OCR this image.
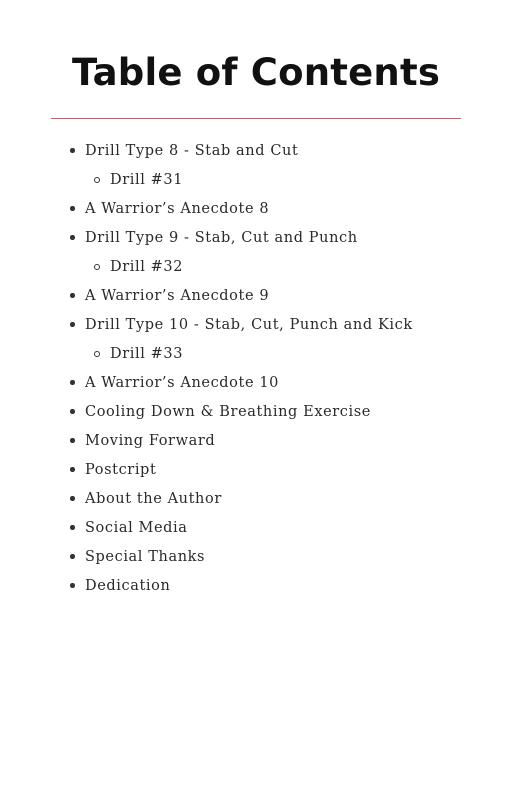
Table of Contents
Drill Type 8 - Stab and Cut
Drill #31
A Warrior’s Anecdote 8
Drill Type 9 - Stab, Cut and Punch
Drill #32
A Warrior’s Anecdote 9
Drill Type 10 - Stab, Cut, Punch and Kick
Drill #33
A Warrior’s Anecdote 10
Cooling Down & Breathing Exercise
Moving Forward
Postcript
About the Author
Social Media
Special Thanks
Dedication
